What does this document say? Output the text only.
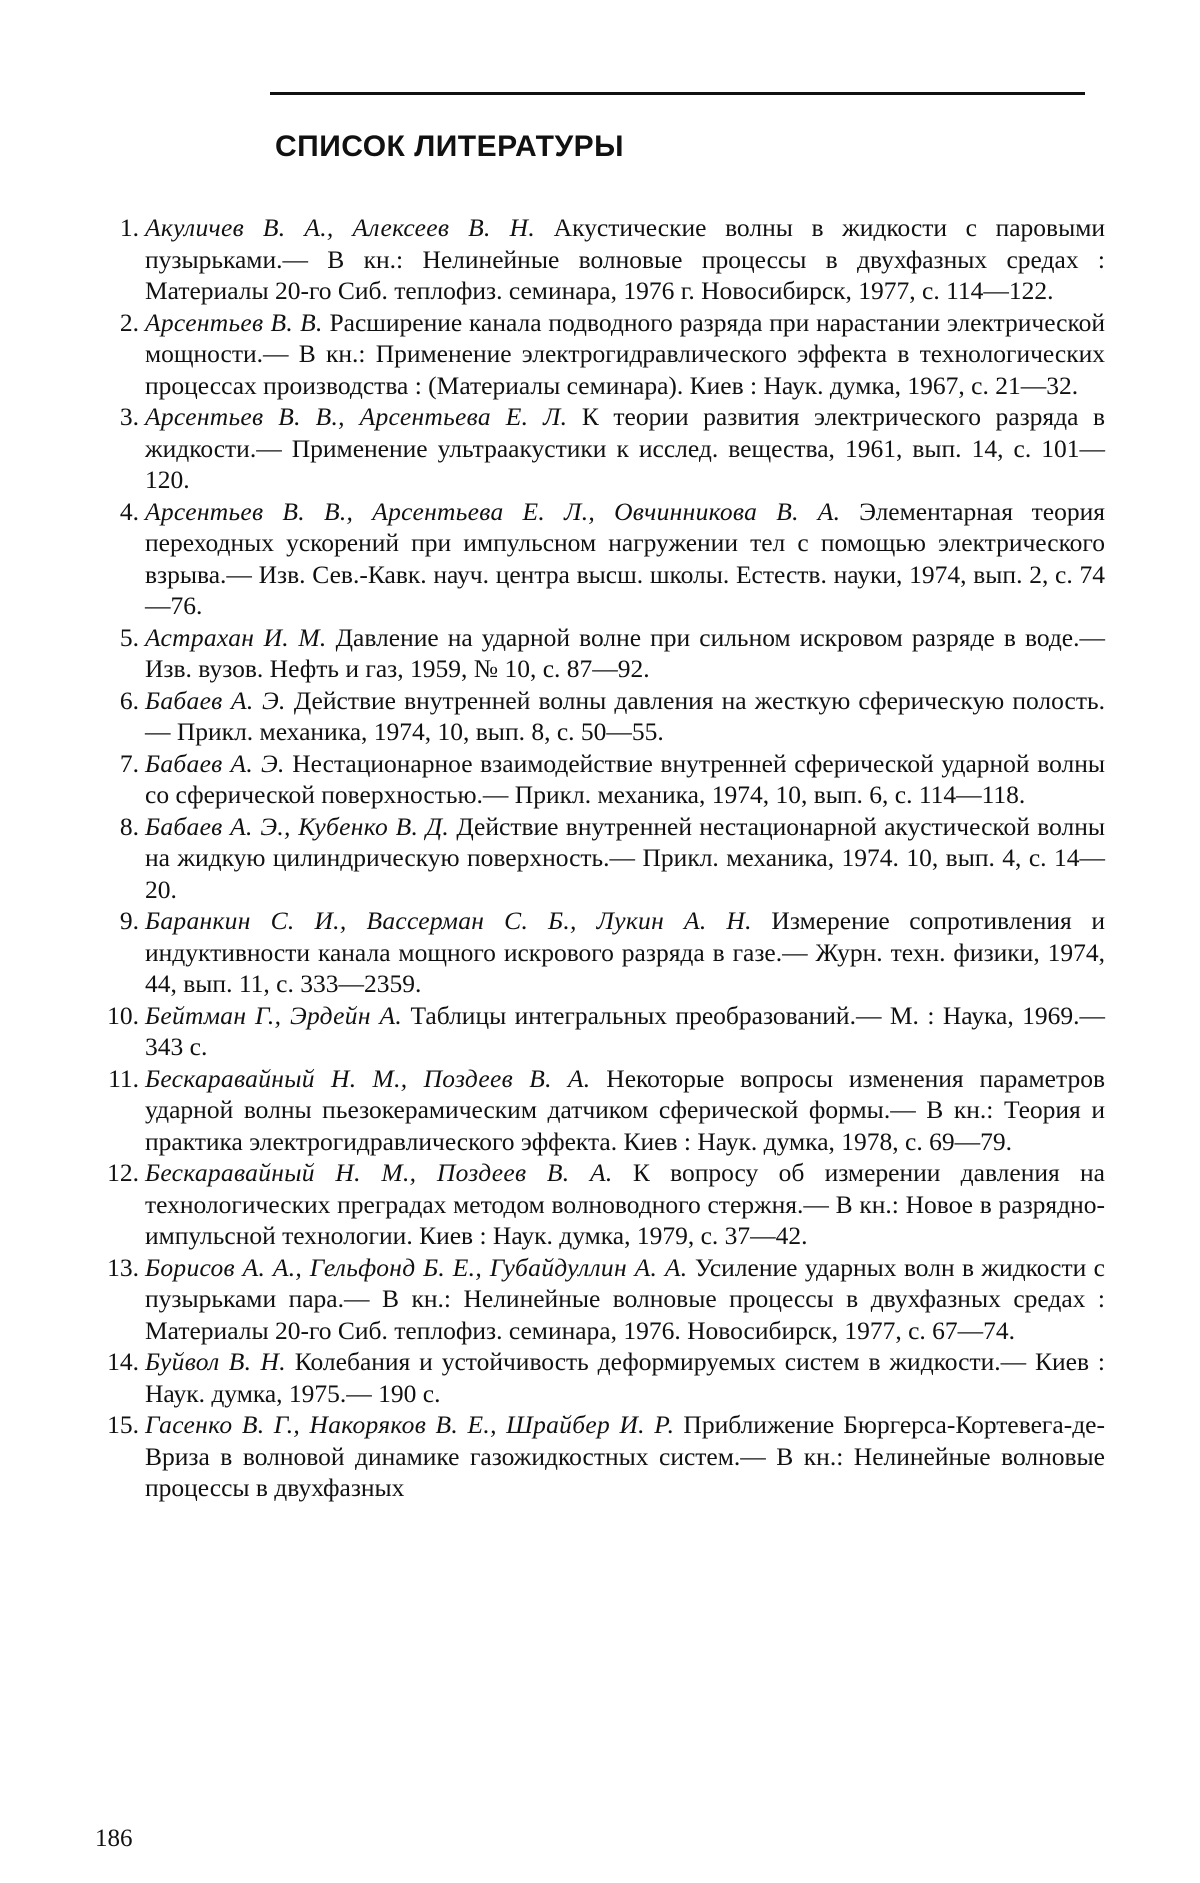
СПИСОК ЛИТЕРАТУРЫ
1. Акуличев В. А., Алексеев В. Н. Акустические волны в жидкости с паровыми пузырьками.— В кн.: Нелинейные волновые процессы в двухфазных средах : Материалы 20-го Сиб. теплофиз. семинара, 1976 г. Новосибирск, 1977, с. 114—122.
2. Арсентьев В. В. Расширение канала подводного разряда при нарастании электрической мощности.— В кн.: Применение электрогидравлического эффекта в технологических процессах производства : (Материалы семинара). Киев : Наук. думка, 1967, с. 21—32.
3. Арсентьев В. В., Арсентьева Е. Л. К теории развития электрического разряда в жидкости.— Применение ультраакустики к исслед. вещества, 1961, вып. 14, с. 101—120.
4. Арсентьев В. В., Арсентьева Е. Л., Овчинникова В. А. Элементарная теория переходных ускорений при импульсном нагружении тел с помощью электрического взрыва.— Изв. Сев.-Кавк. науч. центра высш. школы. Естеств. науки, 1974, вып. 2, с. 74—76.
5. Астрахан И. М. Давление на ударной волне при сильном искровом разряде в воде.— Изв. вузов. Нефть и газ, 1959, № 10, с. 87—92.
6. Бабаев А. Э. Действие внутренней волны давления на жесткую сферическую полость.— Прикл. механика, 1974, 10, вып. 8, с. 50—55.
7. Бабаев А. Э. Нестационарное взаимодействие внутренней сферической ударной волны со сферической поверхностью.— Прикл. механика, 1974, 10, вып. 6, с. 114—118.
8. Бабаев А. Э., Кубенко В. Д. Действие внутренней нестационарной акустической волны на жидкую цилиндрическую поверхность.— Прикл. механика, 1974. 10, вып. 4, с. 14—20.
9. Баранкин С. И., Вассерман С. Б., Лукин А. Н. Измерение сопротивления и индуктивности канала мощного искрового разряда в газе.— Журн. техн. физики, 1974, 44, вып. 11, с. 333—2359.
10. Бейтман Г., Эрдейн А. Таблицы интегральных преобразований.— М. : Наука, 1969.— 343 с.
11. Бескаравайный Н. М., Поздеев В. А. Некоторые вопросы изменения параметров ударной волны пьезокерамическим датчиком сферической формы.— В кн.: Теория и практика электрогидравлического эффекта. Киев : Наук. думка, 1978, с. 69—79.
12. Бескаравайный Н. М., Поздеев В. А. К вопросу об измерении давления на технологических преградах методом волноводного стержня.— В кн.: Новое в разрядно-импульсной технологии. Киев : Наук. думка, 1979, с. 37—42.
13. Борисов А. А., Гельфонд Б. Е., Губайдуллин А. А. Усиление ударных волн в жидкости с пузырьками пара.— В кн.: Нелинейные волновые процессы в двухфазных средах : Материалы 20-го Сиб. теплофиз. семинара, 1976. Новосибирск, 1977, с. 67—74.
14. Буйвол В. Н. Колебания и устойчивость деформируемых систем в жидкости.— Киев : Наук. думка, 1975.— 190 с.
15. Гасенко В. Г., Накоряков В. Е., Шрайбер И. Р. Приближение Бюргерса-Кортевега-де-Вриза в волновой динамике газожидкостных систем.— В кн.: Нелинейные волновые процессы в двухфазных
186
